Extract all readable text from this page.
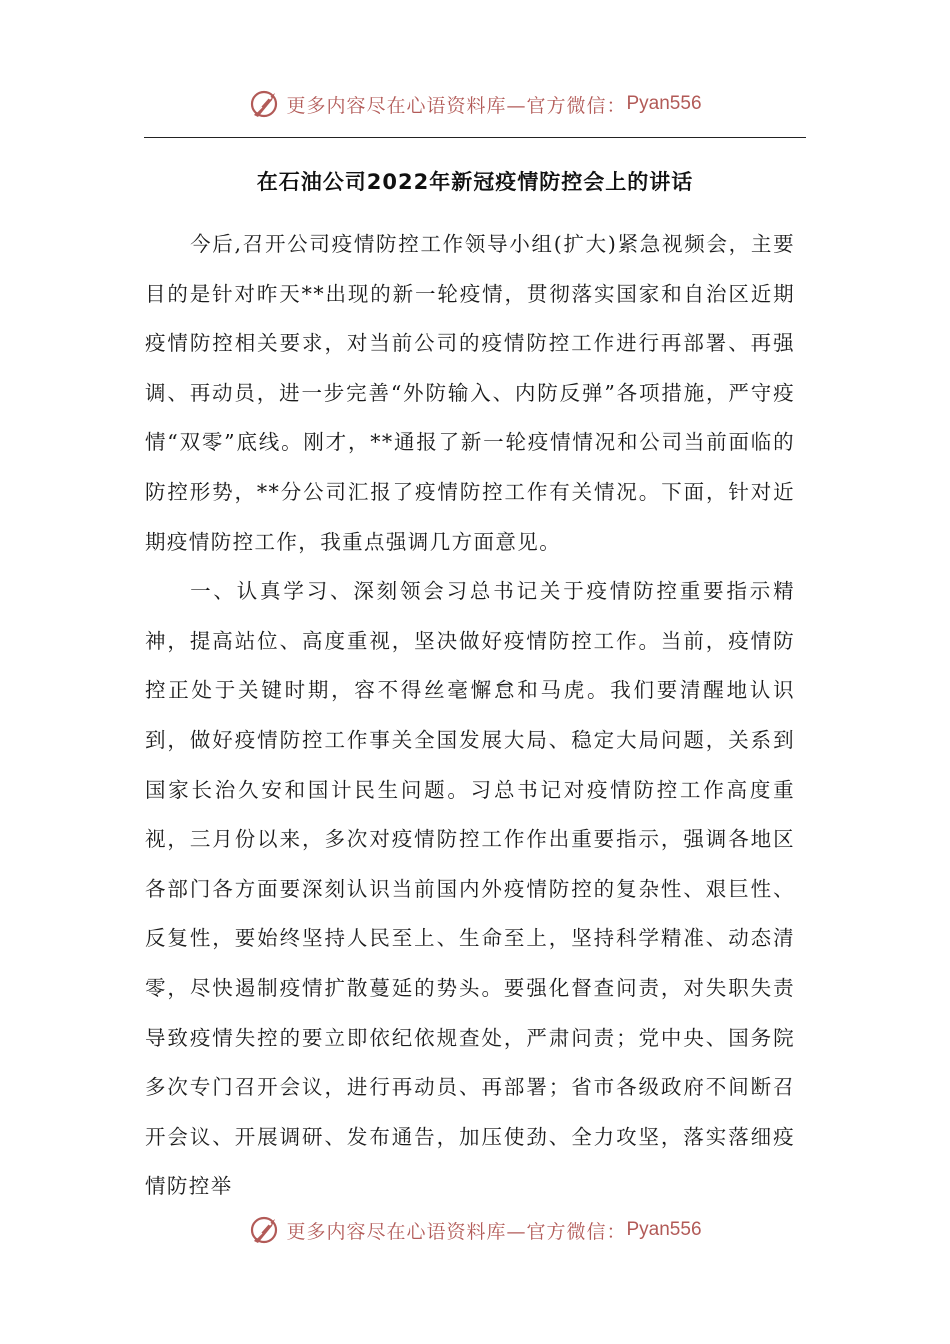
更多内容尽在心语资料库—官方微信： Pyan556
在石油公司2022年新冠疫情防控会上的讲话

今后,召开公司疫情防控工作领导小组(扩大)紧急视频会，主要目的是针对昨天**出现的新一轮疫情，贯彻落实国家和自治区近期疫情防控相关要求，对当前公司的疫情防控工作进行再部署、再强调、再动员，进一步完善“外防输入、内防反弹”各项措施，严守疫情“双零”底线。刚才，**通报了新一轮疫情情况和公司当前面临的防控形势，**分公司汇报了疫情防控工作有关情况。下面，针对近期疫情防控工作，我重点强调几方面意见。

一、认真学习、深刻领会习总书记关于疫情防控重要指示精神，提高站位、高度重视，坚决做好疫情防控工作。当前，疫情防控正处于关键时期，容不得丝毫懈怠和马虎。我们要清醒地认识到，做好疫情防控工作事关全国发展大局、稳定大局问题，关系到国家长治久安和国计民生问题。习总书记对疫情防控工作高度重视，三月份以来，多次对疫情防控工作作出重要指示，强调各地区各部门各方面要深刻认识当前国内外疫情防控的复杂性、艰巨性、反复性，要始终坚持人民至上、生命至上，坚持科学精准、动态清零，尽快遏制疫情扩散蔓延的势头。要强化督查问责，对失职失责导致疫情失控的要立即依纪依规查处，严肃问责；党中央、国务院多次专门召开会议，进行再动员、再部署；省市各级政府不间断召开会议、开展调研、发布通告，加压使劲、全力攻坚，落实落细疫情防控举

更多内容尽在心语资料库—官方微信： Pyan556
